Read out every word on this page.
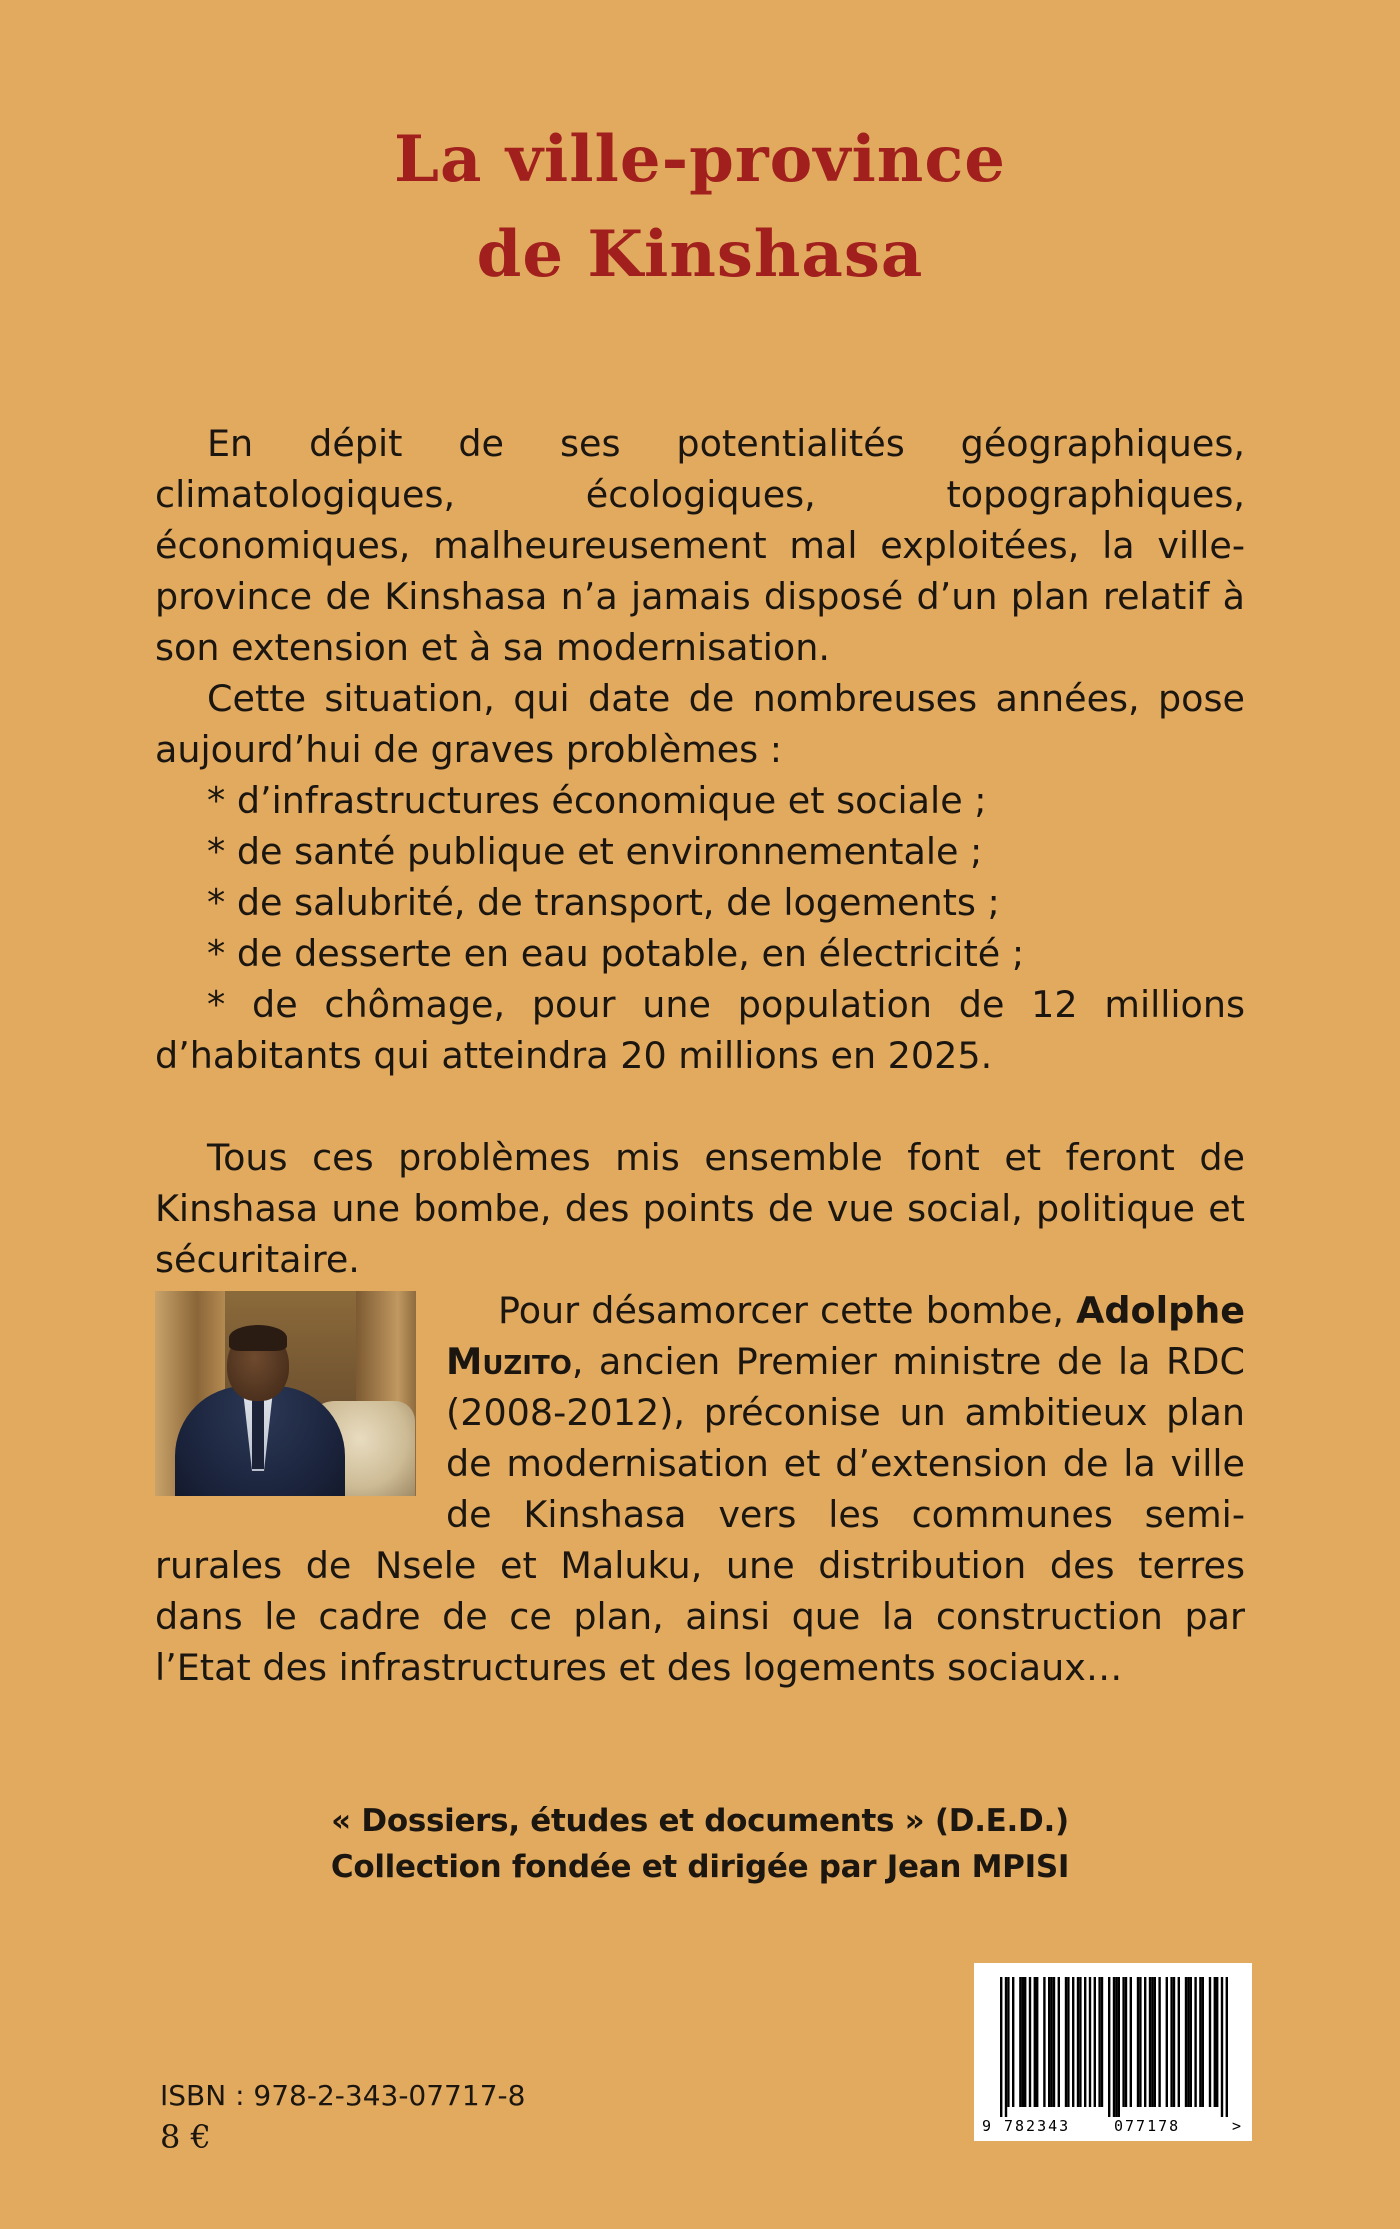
La ville-province
de Kinshasa

En dépit de ses potentialités géographiques, climatologiques, écologiques, topographiques, économiques, malheureusement mal exploitées, la ville-province de Kinshasa n’a jamais disposé d’un plan relatif à son extension et à sa modernisation.

Cette situation, qui date de nombreuses années, pose aujourd’hui de graves problèmes :

* d’infrastructures économique et sociale ;

* de santé publique et environnementale ;

* de salubrité, de transport, de logements ;

* de desserte en eau potable, en électricité ;

* de chômage, pour une population de 12 millions d’habitants qui atteindra 20 millions en 2025.

Tous ces problèmes mis ensemble font et feront de Kinshasa une bombe, des points de vue social, politique et sécuritaire.

Pour désamorcer cette bombe, Adolphe Muzito, ancien Premier ministre de la RDC (2008-2012), préconise un ambitieux plan de modernisation et d’extension de la ville de Kinshasa vers les communes semi-rurales de Nsele et Maluku, une distribution des terres dans le cadre de ce plan, ainsi que la construction par l’Etat des infrastructures et des logements sociaux…

« Dossiers, études et documents » (D.E.D.)
Collection fondée et dirigée par Jean MPISI
9 782343	077178	>
ISBN : 978-2-343-07717-8
8 €
